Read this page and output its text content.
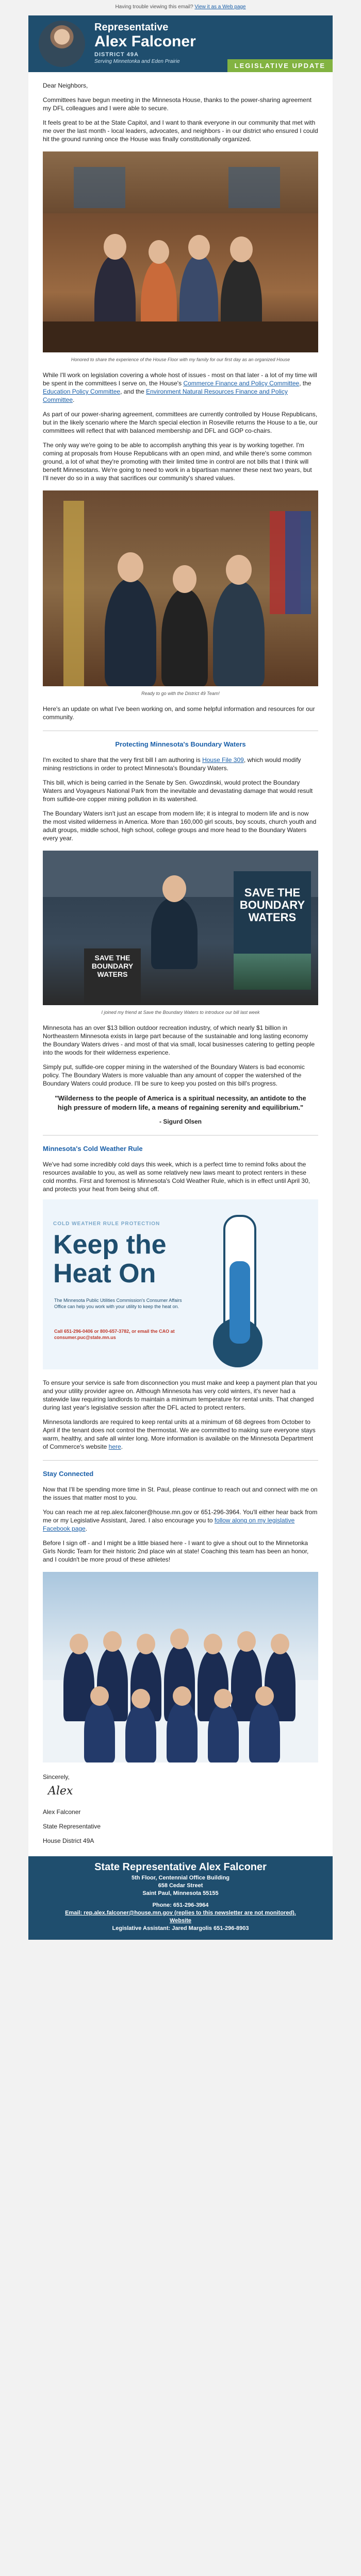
Having trouble viewing this email? View it as a Web page
Representative
Alex Falconer
DISTRICT 49A
Serving Minnetonka and Eden Prairie
LEGISLATIVE UPDATE

Dear Neighbors,

Committees have begun meeting in the Minnesota House, thanks to the power-sharing agreement my DFL colleagues and I were able to secure.

It feels great to be at the State Capitol, and I want to thank everyone in our community that met with me over the last month - local leaders, advocates, and neighbors - in our district who ensured I could hit the ground running once the House was finally constitutionally organized.

Honored to share the experience of the House Floor with my family for our first day as an organized House

While I'll work on legislation covering a whole host of issues - most on that later - a lot of my time will be spent in the committees I serve on, the House's Commerce Finance and Policy Committee, the Education Policy Committee, and the Environment Natural Resources Finance and Policy Committee.

As part of our power-sharing agreement, committees are currently controlled by House Republicans, but in the likely scenario where the March special election in Roseville returns the House to a tie, our committees will reflect that with balanced membership and DFL and GOP co-chairs.

The only way we're going to be able to accomplish anything this year is by working together. I'm coming at proposals from House Republicans with an open mind, and while there's some common ground, a lot of what they're promoting with their limited time in control are not bills that I think will benefit Minnesotans. We're going to need to work in a bipartisan manner these next two years, but I'll never do so in a way that sacrifices our community's shared values.

Ready to go with the District 49 Team!

Here's an update on what I've been working on, and some helpful information and resources for our community.

Protecting Minnesota's Boundary Waters

I'm excited to share that the very first bill I am authoring is House File 309, which would modify mining restrictions in order to protect Minnesota's Boundary Waters.

This bill, which is being carried in the Senate by Sen. Gwozdinski, would protect the Boundary Waters and Voyageurs National Park from the inevitable and devastating damage that would result from sulfide-ore copper mining pollution in its watershed.

The Boundary Waters isn't just an escape from modern life; it is integral to modern life and is now the most visited wilderness in America. More than 160,000 girl scouts, boy scouts, church youth and adult groups, middle school, high school, college groups and more head to the Boundary Waters every year.

SAVE THE BOUNDARY WATERS
SAVE THE BOUNDARY WATERS
I joined my friend at Save the Boundary Waters to introduce our bill last week

Minnesota has an over $13 billion outdoor recreation industry, of which nearly $1 billion in Northeastern Minnesota exists in large part because of the sustainable and long lasting economy the Boundary Waters drives - and most of that via small, local businesses catering to getting people into the woods for their wilderness experience.

Simply put, sulfide-ore copper mining in the watershed of the Boundary Waters is bad economic policy. The Boundary Waters is more valuable than any amount of copper the watershed of the Boundary Waters could produce. I'll be sure to keep you posted on this bill's progress.

"Wilderness to the people of America is a spiritual necessity, an antidote to the high pressure of modern life, a means of regaining serenity and equilibrium."
- Sigurd Olsen
Minnesota's Cold Weather Rule

We've had some incredibly cold days this week, which is a perfect time to remind folks about the resources available to you, as well as some relatively new laws meant to protect renters in these cold months. First and foremost is Minnesota's Cold Weather Rule, which is in effect until April 30, and protects your heat from being shut off.

COLD WEATHER RULE PROTECTION
Keep the
Heat On
The Minnesota Public Utilities Commission's Consumer Affairs Office can help you work with your utility to keep the heat on.
Call 651-296-0406 or 800-657-3782, or email the CAO at consumer.puc@state.mn.us

To ensure your service is safe from disconnection you must make and keep a payment plan that you and your utility provider agree on. Although Minnesota has very cold winters, it's never had a statewide law requiring landlords to maintain a minimum temperature for rental units. That changed during last year's legislative session after the DFL acted to protect renters.

Minnesota landlords are required to keep rental units at a minimum of 68 degrees from October to April if the tenant does not control the thermostat. We are committed to making sure everyone stays warm, healthy, and safe all winter long. More information is available on the Minnesota Department of Commerce's website here.

Stay Connected

Now that I'll be spending more time in St. Paul, please continue to reach out and connect with me on the issues that matter most to you.

You can reach me at rep.alex.falconer@house.mn.gov or 651-296-3964. You'll either hear back from me or my Legislative Assistant, Jared. I also encourage you to follow along on my legislative Facebook page.

Before I sign off - and I might be a little biased here - I want to give a shout out to the Minnetonka Girls Nordic Team for their historic 2nd place win at state! Coaching this team has been an honor, and I couldn't be more proud of these athletes!

Sincerely,

Alex

Alex Falconer

State Representative

House District 49A

State Representative Alex Falconer
5th Floor, Centennial Office Building
658 Cedar Street
Saint Paul, Minnesota 55155
Phone: 651-296-3964
Email: rep.alex.falconer@house.mn.gov (replies to this newsletter are not monitored).
Website
Legislative Assistant: Jared Margolis 651-296-8903
